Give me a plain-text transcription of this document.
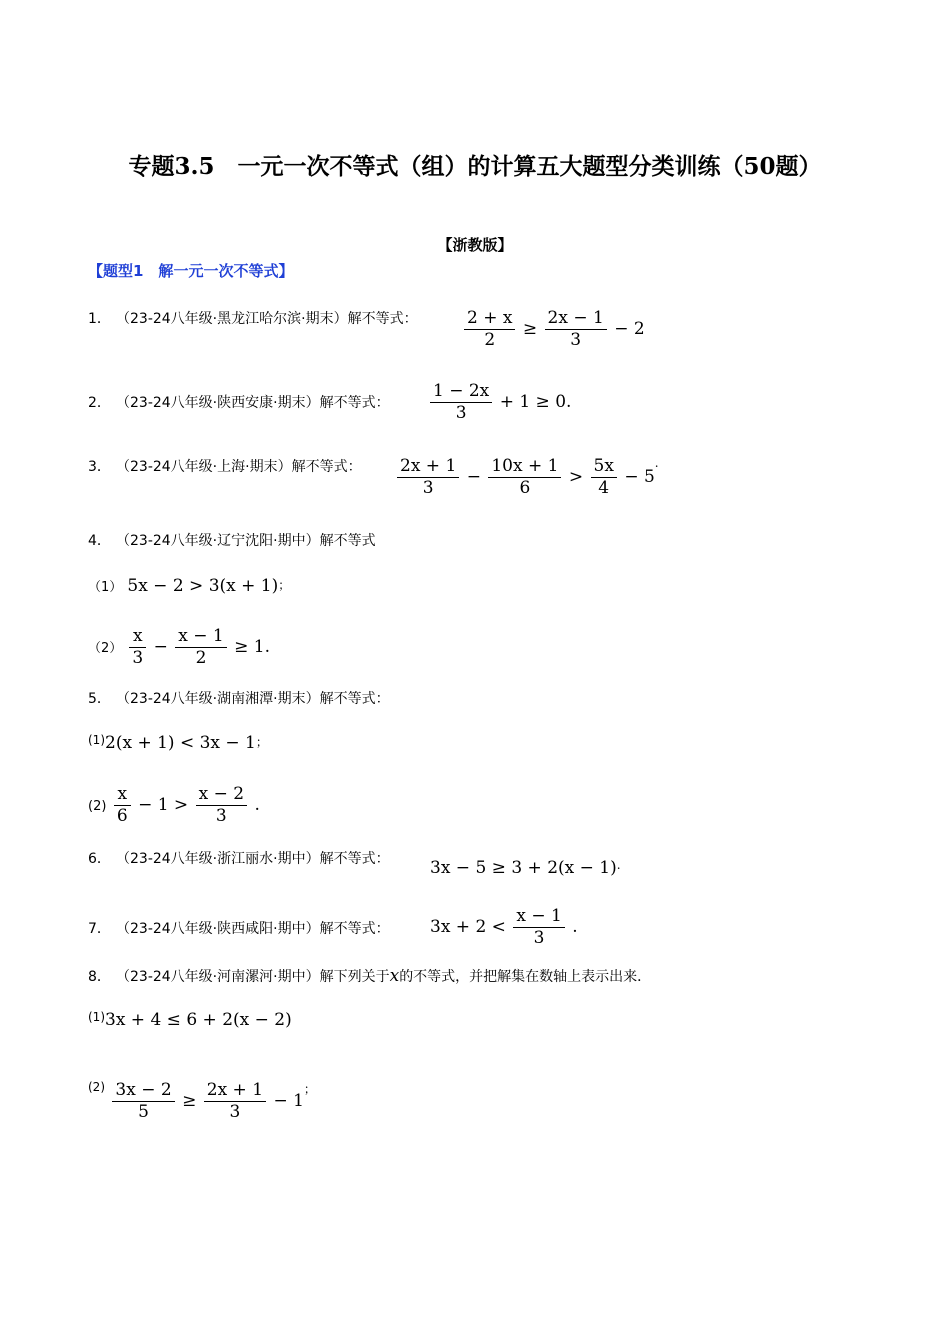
专题3.5　一元一次不等式（组）的计算五大题型分类训练（50题）
【浙教版】
【题型1　解一元一次不等式】
1． （23-24八年级·黑龙江哈尔滨·期末）解不等式：	$\frac{2 + x}{2} \ge \frac{2x - 1}{3} - 2$
2． （23-24八年级·陕西安康·期末）解不等式： $\frac{1 - 2x}{3} + 1 \ge 0$.
3． （23-24八年级·上海·期末）解不等式： $\frac{2x + 1}{3} - \frac{10x + 1}{6} > \frac{5x}{4} - 5^.$
4． （23-24八年级·辽宁沈阳·期中）解不等式
（1） 5x − 2 > 3(x + 1)；
$(2) \frac{x}{3} - \frac{x - 1}{2} \ge 1$.
5． （23-24八年级·湖南湘潭·期末）解不等式：
$^{(1)}$2(x + 1) < 3x − 1；
$(2) \frac{x}{6} - 1 > \frac{x - 2}{3}$ .
6． （23-24八年级·浙江丽水·期中）解不等式： 3x − 5 ≥ 3 + 2(x − 1).
7． （23-24八年级·陕西咸阳·期中）解不等式： $3x + 2 < \frac{x - 1}{3}$ .
8． （23-24八年级·河南漯河·期中）解下列关于x的不等式，并把解集在数轴上表示出来．
$^{(1)}$3x + 4 ≤ 6 + 2(x − 2)
$^{(2)} \frac{3x - 2}{5} \ge \frac{2x + 1}{3} - 1^;$
